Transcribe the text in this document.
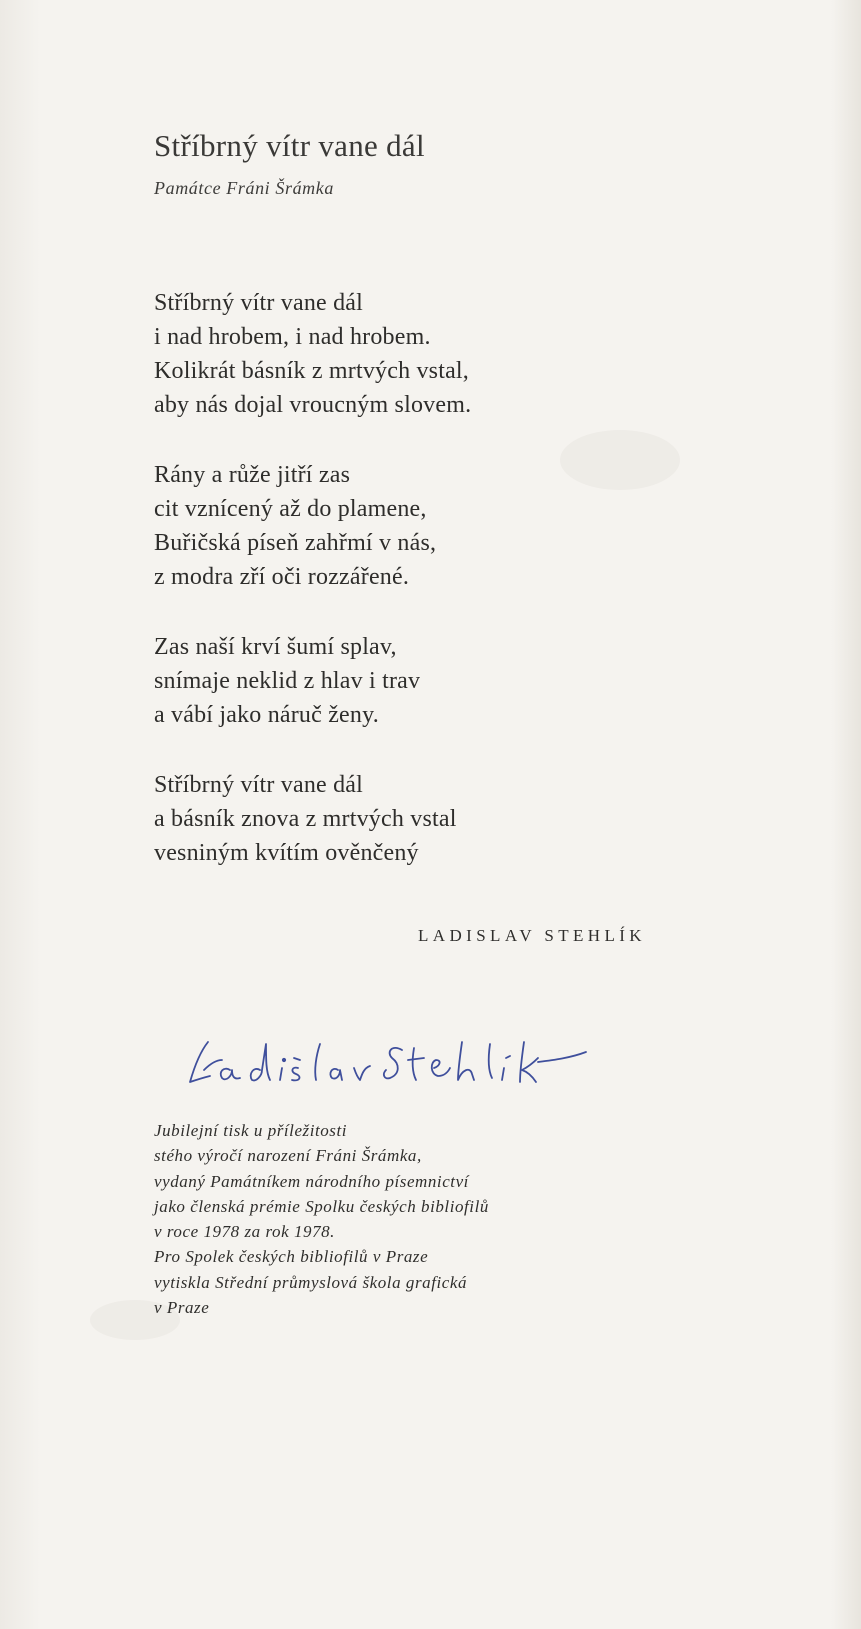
Stříbrný vítr vane dál
Památce Fráni Šrámka
Stříbrný vítr vane dál
i nad hrobem, i nad hrobem.
Kolikrát básník z mrtvých vstal,
aby nás dojal vroucným slovem.
Rány a růže jitří zas
cit vznícený až do plamene,
Buřičská píseň zahřmí v nás,
z modra zří oči rozzářené.
Zas naší krví šumí splav,
snímaje neklid z hlav i trav
a vábí jako náruč ženy.
Stříbrný vítr vane dál
a básník znova z mrtvých vstal
vesniným kvítím ověnčený
LADISLAV STEHLÍK
Jubilejní tisk u příležitosti
stého výročí narození Fráni Šrámka,
vydaný Památníkem národního písemnictví
jako členská prémie Spolku českých bibliofilů
v roce 1978 za rok 1978.
Pro Spolek českých bibliofilů v Praze
vytiskla Střední průmyslová škola grafická
v Praze
